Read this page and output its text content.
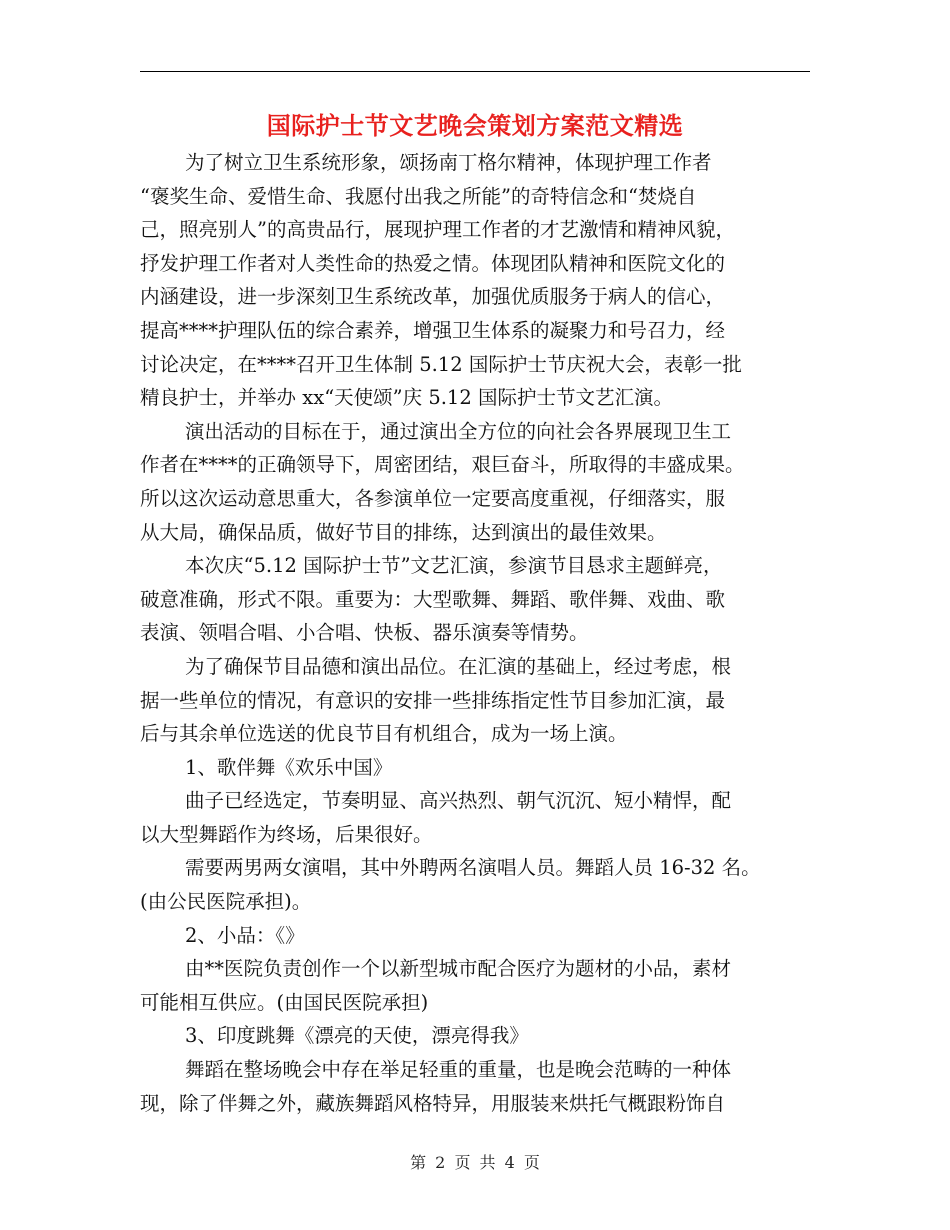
国际护士节文艺晚会策划方案范文精选
为了树立卫生系统形象，颂扬南丁格尔精神，体现护理工作者
“褒奖生命、爱惜生命、我愿付出我之所能”的奇特信念和“焚烧自
己，照亮别人”的高贵品行，展现护理工作者的才艺激情和精神风貌，
抒发护理工作者对人类性命的热爱之情。体现团队精神和医院文化的
内涵建设，进一步深刻卫生系统改革，加强优质服务于病人的信心，
提高****护理队伍的综合素养，增强卫生体系的凝聚力和号召力，经
讨论决定，在****召开卫生体制 5.12 国际护士节庆祝大会，表彰一批
精良护士，并举办 xx“天使颂”庆 5.12 国际护士节文艺汇演。
演出活动的目标在于，通过演出全方位的向社会各界展现卫生工
作者在****的正确领导下，周密团结，艰巨奋斗，所取得的丰盛成果。
所以这次运动意思重大，各参演单位一定要高度重视，仔细落实，服
从大局，确保品质，做好节目的排练，达到演出的最佳效果。
本次庆“5.12 国际护士节”文艺汇演，参演节目恳求主题鲜亮，
破意准确，形式不限。重要为：大型歌舞、舞蹈、歌伴舞、戏曲、歌
表演、领唱合唱、小合唱、快板、器乐演奏等情势。
为了确保节目品德和演出品位。在汇演的基础上，经过考虑，根
据一些单位的情况，有意识的安排一些排练指定性节目参加汇演，最
后与其余单位选送的优良节目有机组合，成为一场上演。
1、歌伴舞《欢乐中国》
曲子已经选定，节奏明显、高兴热烈、朝气沉沉、短小精悍，配
以大型舞蹈作为终场，后果很好。
需要两男两女演唱，其中外聘两名演唱人员。舞蹈人员 16-32 名。
(由公民医院承担)。
2、小品：《》
由**医院负责创作一个以新型城市配合医疗为题材的小品，素材
可能相互供应。(由国民医院承担)
3、印度跳舞《漂亮的天使，漂亮得我》
舞蹈在整场晚会中存在举足轻重的重量，也是晚会范畴的一种体
现，除了伴舞之外，藏族舞蹈风格特异，用服装来烘托气概跟粉饰自
第 2 页 共 4 页
